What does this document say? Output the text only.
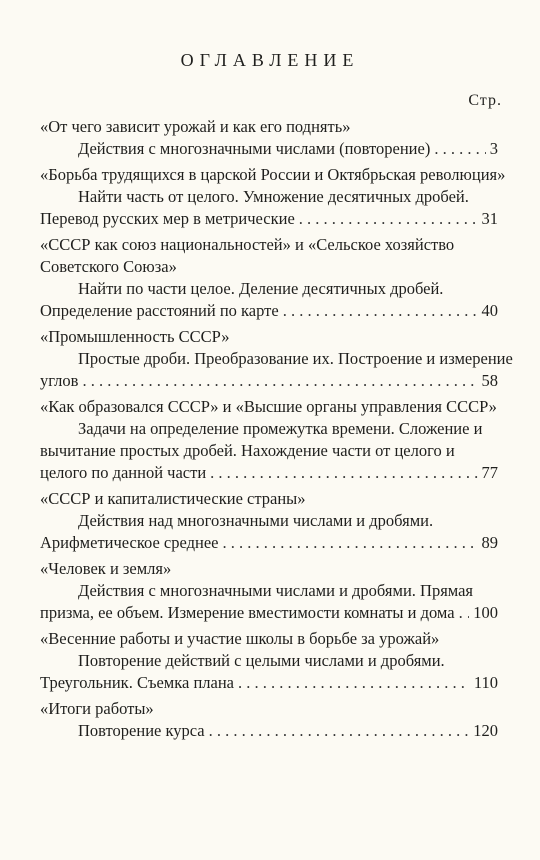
ОГЛАВЛЕНИЕ
Стр.
«От чего зависит урожай и как его поднять»
Действия с многозначными числами (повторение) . . .	3
«Борьба трудящихся в царской России и Октябрьская революция»
Найти часть от целого. Умножение десятичных дробей.
Перевод русских мер в метрические . . .	31
«СССР как союз национальностей» и «Сельское хозяйство
Советского Союза»
Найти по части целое. Деление десятичных дробей.
Определение расстояний по карте . . .	40
«Промышленность СССР»
Простые дроби. Преобразование их. Построение и измерение
углов . . .	58
«Как образовался СССР» и «Высшие органы управления СССР»
Задачи на определение промежутка времени. Сложение и
вычитание простых дробей. Нахождение части от целого и
целого по данной части . . .	77
«СССР и капиталистические страны»
Действия над многозначными числами и дробями.
Арифметическое среднее . . .	89
«Человек и земля»
Действия с многозначными числами и дробями. Прямая
призма, ее объем. Измерение вместимости комнаты и дома . . . 100
«Весенние работы и участие школы в борьбе за урожай»
Повторение действий с целыми числами и дробями.
Треугольник. Съемка плана . . .	110
«Итоги работы»
Повторение курса . . .	120
